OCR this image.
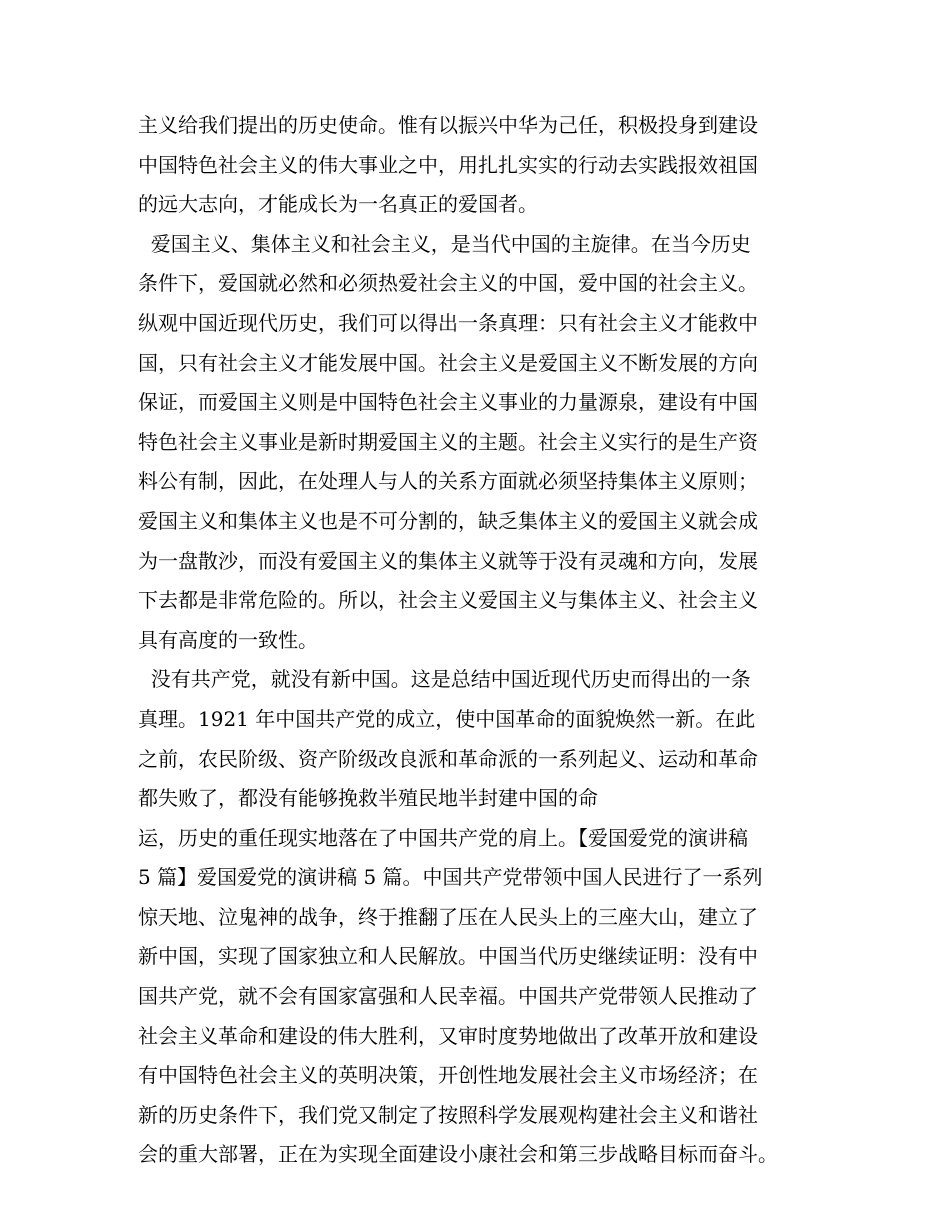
主义给我们提出的历史使命。惟有以振兴中华为己任，积极投身到建设
中国特色社会主义的伟大事业之中，用扎扎实实的行动去实践报效祖国
的远大志向，才能成长为一名真正的爱国者。
爱国主义、集体主义和社会主义，是当代中国的主旋律。在当今历史
条件下，爱国就必然和必须热爱社会主义的中国，爱中国的社会主义。
纵观中国近现代历史，我们可以得出一条真理：只有社会主义才能救中
国，只有社会主义才能发展中国。社会主义是爱国主义不断发展的方向
保证，而爱国主义则是中国特色社会主义事业的力量源泉，建设有中国
特色社会主义事业是新时期爱国主义的主题。社会主义实行的是生产资
料公有制，因此，在处理人与人的关系方面就必须坚持集体主义原则；
爱国主义和集体主义也是不可分割的，缺乏集体主义的爱国主义就会成
为一盘散沙，而没有爱国主义的集体主义就等于没有灵魂和方向，发展
下去都是非常危险的。所以，社会主义爱国主义与集体主义、社会主义
具有高度的一致性。
没有共产党，就没有新中国。这是总结中国近现代历史而得出的一条
真理。1921 年中国共产党的成立，使中国革命的面貌焕然一新。在此
之前，农民阶级、资产阶级改良派和革命派的一系列起义、运动和革命
都失败了，都没有能够挽救半殖民地半封建中国的命
运，历史的重任现实地落在了中国共产党的肩上。【爱国爱党的演讲稿
5 篇】爱国爱党的演讲稿 5 篇。中国共产党带领中国人民进行了一系列
惊天地、泣鬼神的战争，终于推翻了压在人民头上的三座大山，建立了
新中国，实现了国家独立和人民解放。中国当代历史继续证明：没有中
国共产党，就不会有国家富强和人民幸福。中国共产党带领人民推动了
社会主义革命和建设的伟大胜利，又审时度势地做出了改革开放和建设
有中国特色社会主义的英明决策，开创性地发展社会主义市场经济；在
新的历史条件下，我们党又制定了按照科学发展观构建社会主义和谐社
会的重大部署，正在为实现全面建设小康社会和第三步战略目标而奋斗。
